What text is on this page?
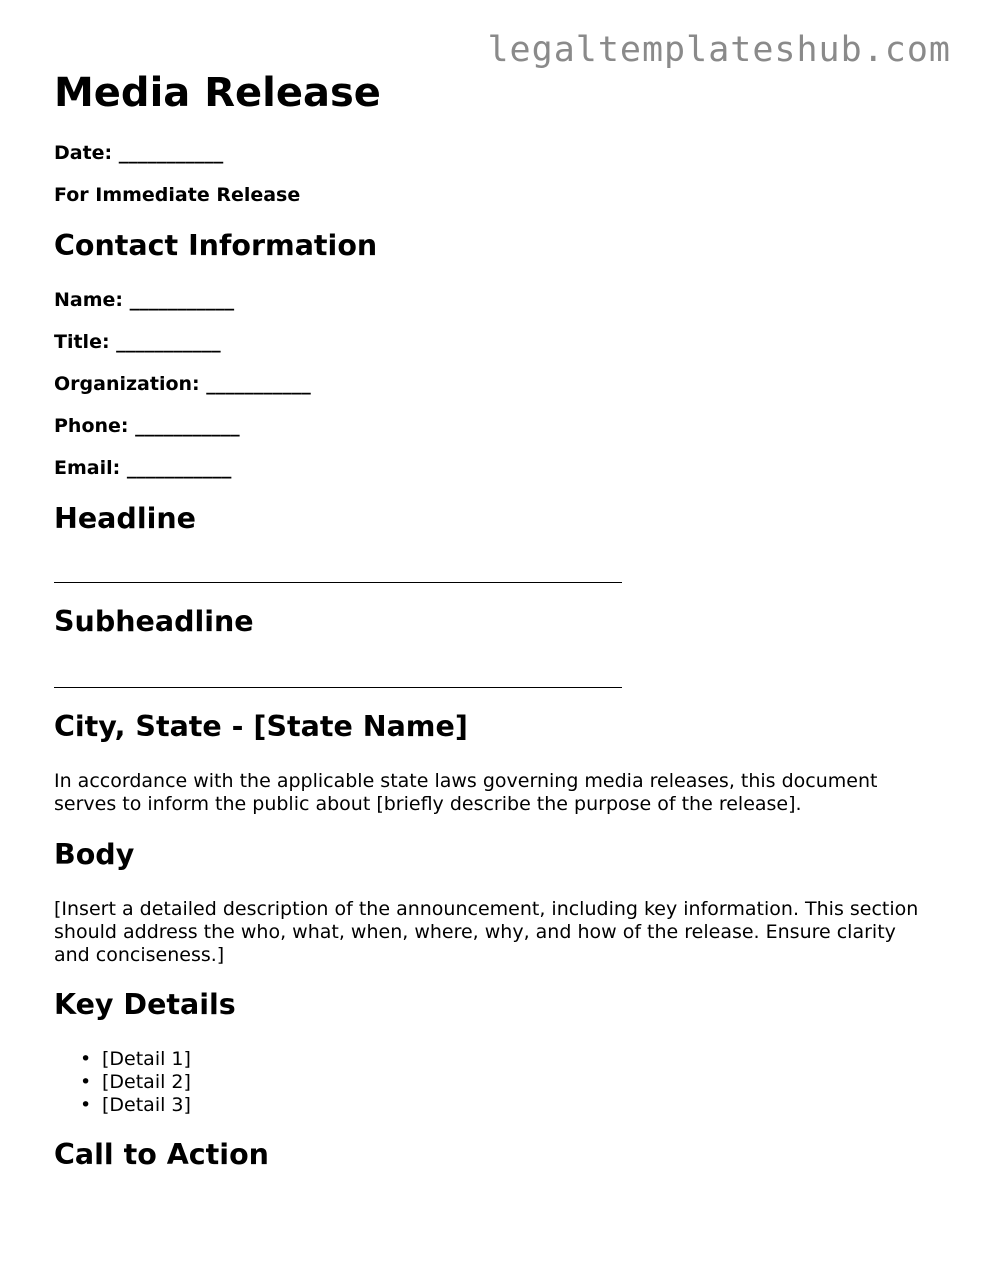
legaltemplateshub.com
Media Release

Date: ___________

For Immediate Release

Contact Information

Name: ___________

Title: ___________

Organization: ___________

Phone: ___________

Email: ___________

Headline
Subheadline
City, State - [State Name]

In accordance with the applicable state laws governing media releases, this document serves to inform the public about [briefly describe the purpose of the release].

Body

[Insert a detailed description of the announcement, including key information. This section should address the who, what, when, where, why, and how of the release. Ensure clarity and conciseness.]

Key Details
• [Detail 1]
• [Detail 2]
• [Detail 3]
Call to Action
